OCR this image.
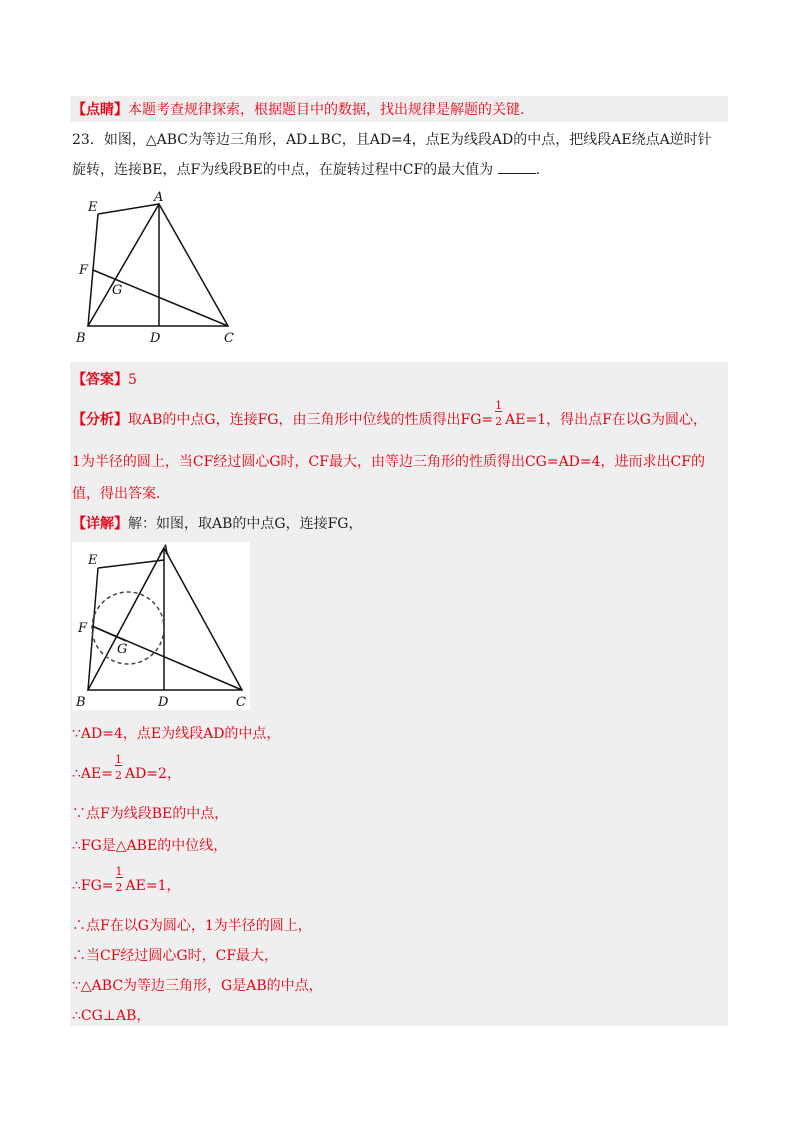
【点睛】本题考查规律探索，根据题目中的数据，找出规律是解题的关键.
23．如图，△ABC为等边三角形，AD⊥BC，且AD=4，点E为线段AD的中点，把线段AE绕点A逆时针
旋转，连接BE，点F为线段BE的中点，在旋转过程中CF的最大值为	.
A
E
F
G
B	D	C
【答案】5
【分析】取AB的中点G，连接FG，由三角形中位线的性质得出$FG= \frac{1}{2} AE=1$，得出点F在以G为圆心，
1为半径的圆上，当CF经过圆心G时，CF最大，由等边三角形的性质得出CG=AD=4，进而求出CF的
值，得出答案.
【详解】解：如图，取AB的中点G，连接FG，
A
E
F
G
B	D	C
∵AD=4，点E为线段AD的中点，
∴AE= $\frac{1}{2} AD=2$，
∵点F为线段BE的中点，
∴FG是△ABE的中位线，
∴FG= $\frac{1}{2} AE=1$，
∴点F在以G为圆心，1为半径的圆上，
∴当CF经过圆心G时，CF最大，
∵△ABC为等边三角形，G是AB的中点，
∴CG⊥AB，
